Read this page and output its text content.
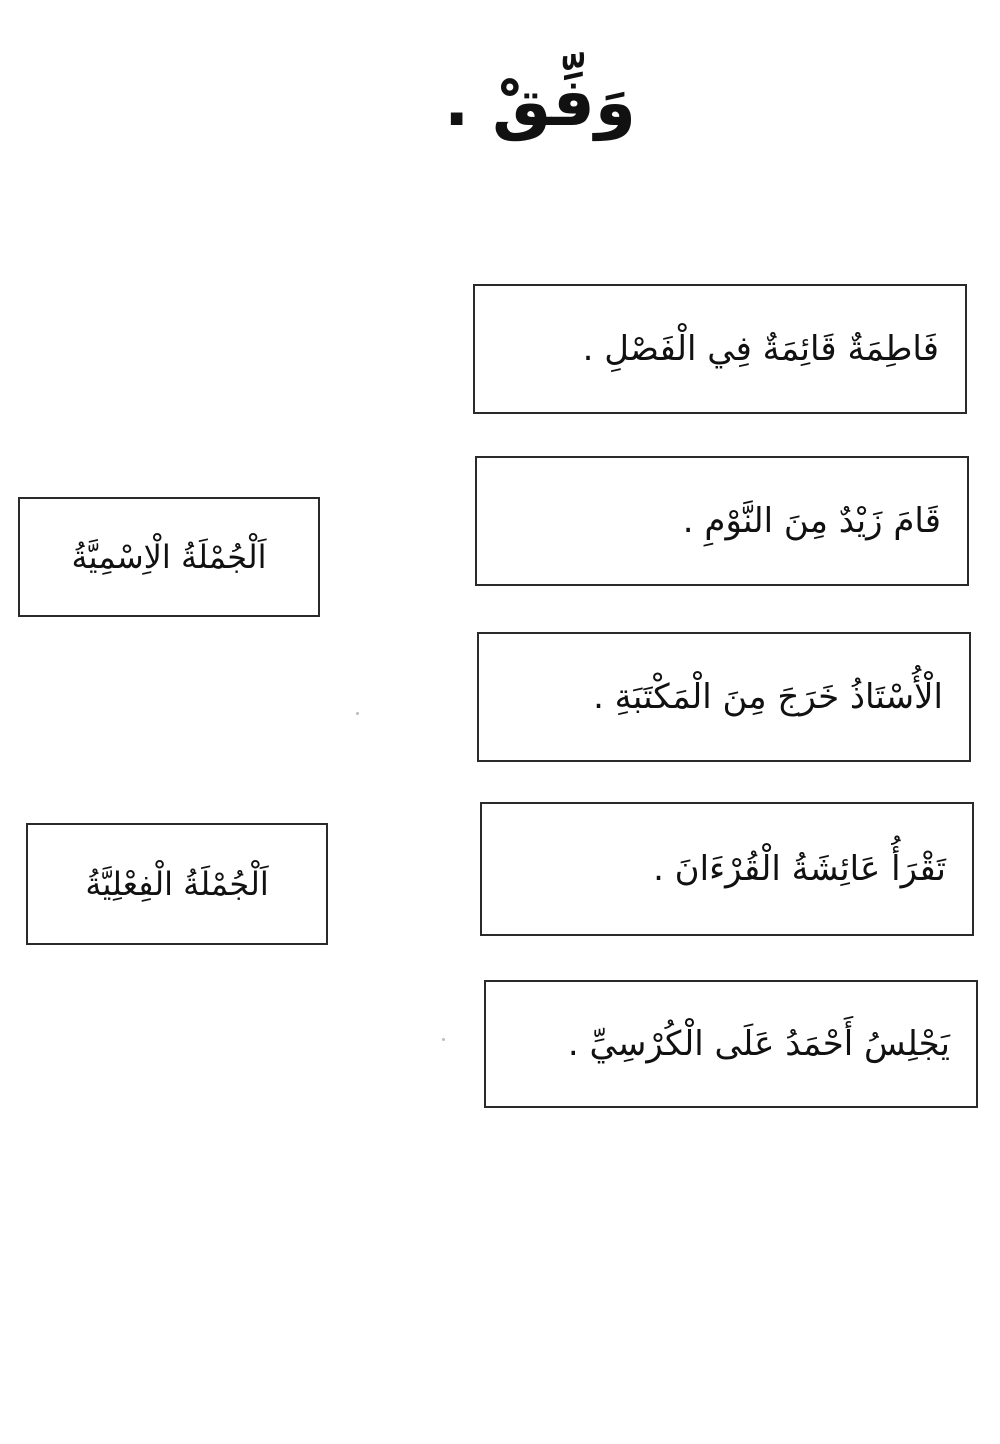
وَفِّقْ .
فَاطِمَةٌ قَائِمَةٌ فِي الْفَصْلِ .
قَامَ زَيْدٌ مِنَ النَّوْمِ .
الْأُسْتَاذُ خَرَجَ مِنَ الْمَكْتَبَةِ .
تَقْرَأُ عَائِشَةُ الْقُرْءَانَ .
يَجْلِسُ أَحْمَدُ عَلَى الْكُرْسِيِّ .
اَلْجُمْلَةُ الْاِسْمِيَّةُ
اَلْجُمْلَةُ الْفِعْلِيَّةُ
